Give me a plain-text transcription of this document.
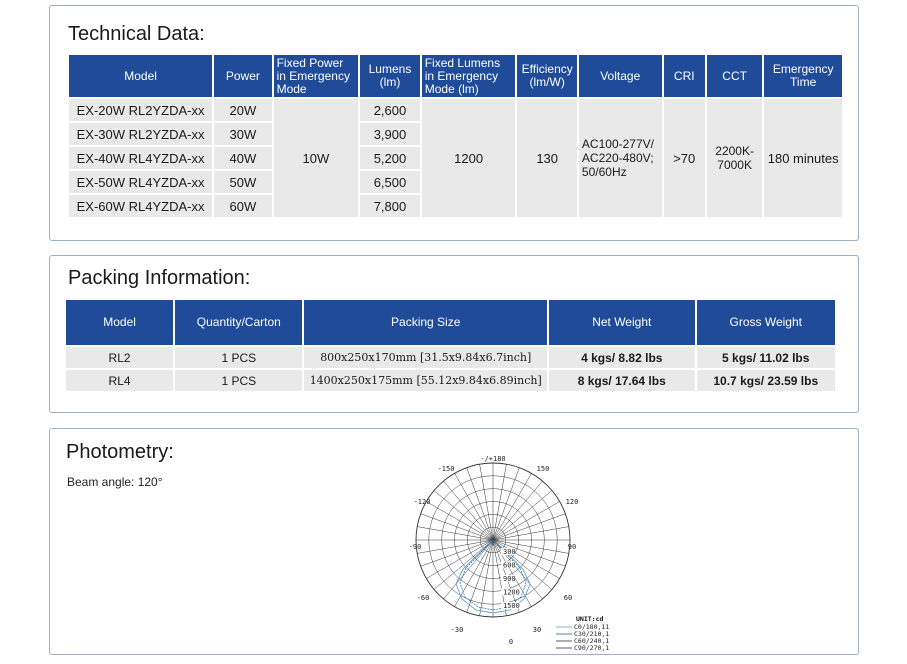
Technical Data:
Model	Power	Fixed Power in Emergency Mode	Lumens (lm)	Fixed Lumens in Emergency Mode (lm)	Efficiency (lm/W)	Voltage	CRI	CCT	Emergency Time
EX-20W RL2YZDA-xx	20W	10W	2,600	1200	130	AC100-277V/ AC220-480V; 50/60Hz	>70	2200K-7000K	180 minutes
EX-30W RL2YZDA-xx	30W		3,900						
EX-40W RL4YZDA-xx	40W		5,200						
EX-50W RL4YZDA-xx	50W		6,500						
EX-60W RL4YZDA-xx	60W		7,800						
Packing Information:
Model	Quantity/Carton	Packing Size	Net Weight	Gross Weight
RL2	1 PCS	800x250x170mm [31.5x9.84x6.7inch]	4 kgs/ 8.82 lbs	5 kgs/ 11.02 lbs
RL4	1 PCS	1400x250x175mm [55.12x9.84x6.89inch]	8 kgs/ 17.64 lbs	10.7 kgs/ 23.59 lbs
Photometry:
Beam angle: 120°
-/+180
-150	150
-120	120
-90	90
-60	60
-30	30
0
300
600
900
1200
1500
UNIT:cd
C0/180,11
C30/210,1
C60/240,1
C90/270,1
